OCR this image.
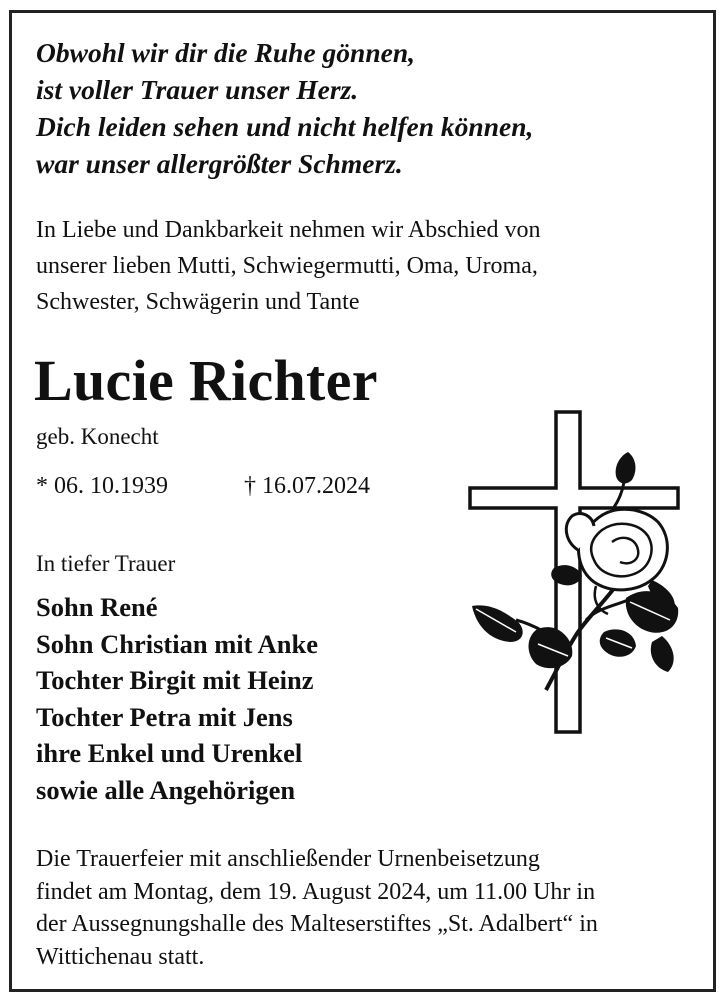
Obwohl wir dir die Ruhe gönnen,
ist voller Trauer unser Herz.
Dich leiden sehen und nicht helfen können,
war unser allergrößter Schmerz.
In Liebe und Dankbarkeit nehmen wir Abschied von
unserer lieben Mutti, Schwiegermutti, Oma, Uroma,
Schwester, Schwägerin und Tante
Lucie Richter
geb. Konecht
* 06. 10.1939	† 16.07.2024
In tiefer Trauer
Sohn René
Sohn Christian mit Anke
Tochter Birgit mit Heinz
Tochter Petra mit Jens
ihre Enkel und Urenkel
sowie alle Angehörigen
Die Trauerfeier mit anschließender Urnenbeisetzung
findet am Montag, dem 19. August 2024, um 11.00 Uhr in
der Aussegnungshalle des Malteserstiftes „St. Adalbert“ in
Wittichenau statt.
